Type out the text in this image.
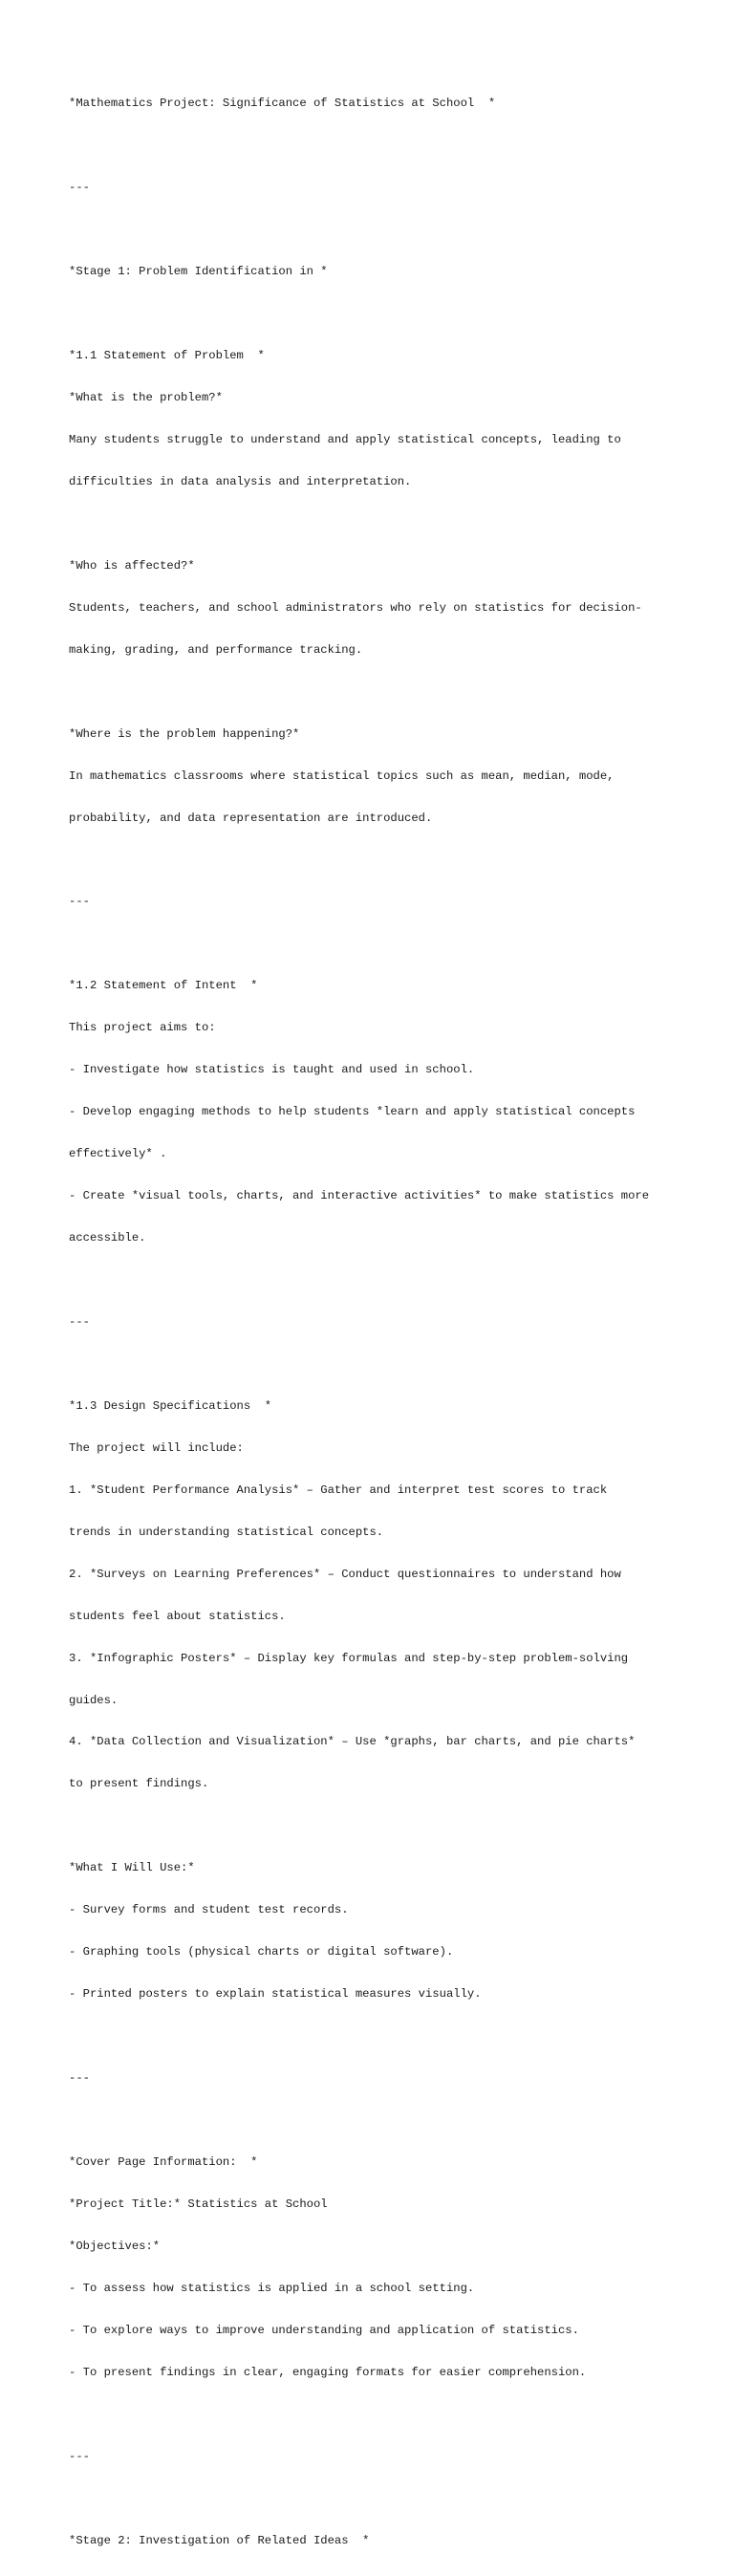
*Mathematics Project: Significance of Statistics at School  *

---

*Stage 1: Problem Identification in *

*1.1 Statement of Problem  *

*What is the problem?*

Many students struggle to understand and apply statistical concepts, leading to

difficulties in data analysis and interpretation.

*Who is affected?*

Students, teachers, and school administrators who rely on statistics for decision-

making, grading, and performance tracking.

*Where is the problem happening?*

In mathematics classrooms where statistical topics such as mean, median, mode,

probability, and data representation are introduced.

---

*1.2 Statement of Intent  *

This project aims to:

- Investigate how statistics is taught and used in school.

- Develop engaging methods to help students *learn and apply statistical concepts

effectively* .

- Create *visual tools, charts, and interactive activities* to make statistics more

accessible.

---

*1.3 Design Specifications  *

The project will include:

1. *Student Performance Analysis* – Gather and interpret test scores to track

trends in understanding statistical concepts.

2. *Surveys on Learning Preferences* – Conduct questionnaires to understand how

students feel about statistics.

3. *Infographic Posters* – Display key formulas and step-by-step problem-solving

guides.

4. *Data Collection and Visualization* – Use *graphs, bar charts, and pie charts*

to present findings.

*What I Will Use:*

- Survey forms and student test records.

- Graphing tools (physical charts or digital software).

- Printed posters to explain statistical measures visually.

---

*Cover Page Information:  *

*Project Title:* Statistics at School

*Objectives:*

- To assess how statistics is applied in a school setting.

- To explore ways to improve understanding and application of statistics.

- To present findings in clear, engaging formats for easier comprehension.

---

*Stage 2: Investigation of Related Ideas  *
